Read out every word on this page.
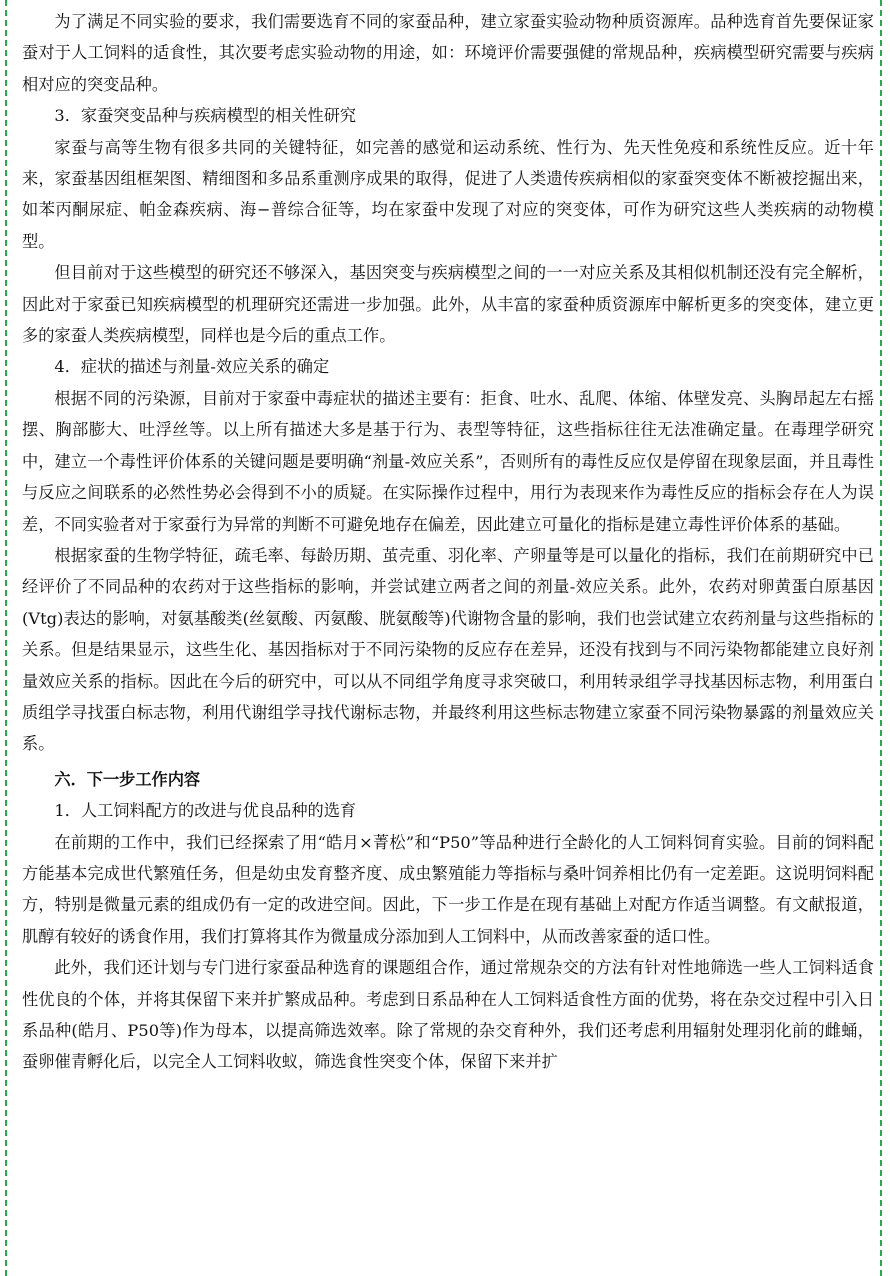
为了满足不同实验的要求，我们需要选育不同的家蚕品种，建立家蚕实验动物种质资源库。品种选育首先要保证家蚕对于人工饲料的适食性，其次要考虑实验动物的用途，如：环境评价需要强健的常规品种，疾病模型研究需要与疾病相对应的突变品种。

3．家蚕突变品种与疾病模型的相关性研究

家蚕与高等生物有很多共同的关键特征，如完善的感觉和运动系统、性行为、先天性免疫和系统性反应。近十年来，家蚕基因组框架图、精细图和多品系重测序成果的取得，促进了人类遗传疾病相似的家蚕突变体不断被挖掘出来，如苯丙酮尿症、帕金森疾病、海−普综合征等，均在家蚕中发现了对应的突变体，可作为研究这些人类疾病的动物模型。

但目前对于这些模型的研究还不够深入，基因突变与疾病模型之间的一一对应关系及其相似机制还没有完全解析，因此对于家蚕已知疾病模型的机理研究还需进一步加强。此外，从丰富的家蚕种质资源库中解析更多的突变体，建立更多的家蚕人类疾病模型，同样也是今后的重点工作。

4．症状的描述与剂量-效应关系的确定

根据不同的污染源，目前对于家蚕中毒症状的描述主要有：拒食、吐水、乱爬、体缩、体壁发亮、头胸昂起左右摇摆、胸部膨大、吐浮丝等。以上所有描述大多是基于行为、表型等特征，这些指标往往无法准确定量。在毒理学研究中，建立一个毒性评价体系的关键问题是要明确“剂量-效应关系”，否则所有的毒性反应仅是停留在现象层面，并且毒性与反应之间联系的必然性势必会得到不小的质疑。在实际操作过程中，用行为表现来作为毒性反应的指标会存在人为误差，不同实验者对于家蚕行为异常的判断不可避免地存在偏差，因此建立可量化的指标是建立毒性评价体系的基础。

根据家蚕的生物学特征，疏毛率、每龄历期、茧壳重、羽化率、产卵量等是可以量化的指标，我们在前期研究中已经评价了不同品种的农药对于这些指标的影响，并尝试建立两者之间的剂量-效应关系。此外，农药对卵黄蛋白原基因(Vtg)表达的影响，对氨基酸类(丝氨酸、丙氨酸、胱氨酸等)代谢物含量的影响，我们也尝试建立农药剂量与这些指标的关系。但是结果显示，这些生化、基因指标对于不同污染物的反应存在差异，还没有找到与不同污染物都能建立良好剂量效应关系的指标。因此在今后的研究中，可以从不同组学角度寻求突破口，利用转录组学寻找基因标志物，利用蛋白质组学寻找蛋白标志物，利用代谢组学寻找代谢标志物，并最终利用这些标志物建立家蚕不同污染物暴露的剂量效应关系。

六．下一步工作内容

1．人工饲料配方的改进与优良品种的选育

在前期的工作中，我们已经探索了用“皓月×菁松”和“P50”等品种进行全龄化的人工饲料饲育实验。目前的饲料配方能基本完成世代繁殖任务，但是幼虫发育整齐度、成虫繁殖能力等指标与桑叶饲养相比仍有一定差距。这说明饲料配方，特别是微量元素的组成仍有一定的改进空间。因此，下一步工作是在现有基础上对配方作适当调整。有文献报道，肌醇有较好的诱食作用，我们打算将其作为微量成分添加到人工饲料中，从而改善家蚕的适口性。

此外，我们还计划与专门进行家蚕品种选育的课题组合作，通过常规杂交的方法有针对性地筛选一些人工饲料适食性优良的个体，并将其保留下来并扩繁成品种。考虑到日系品种在人工饲料适食性方面的优势，将在杂交过程中引入日系品种(皓月、P50等)作为母本，以提高筛选效率。除了常规的杂交育种外，我们还考虑利用辐射处理羽化前的雌蛹，蚕卵催青孵化后，以完全人工饲料收蚁，筛选食性突变个体，保留下来并扩
